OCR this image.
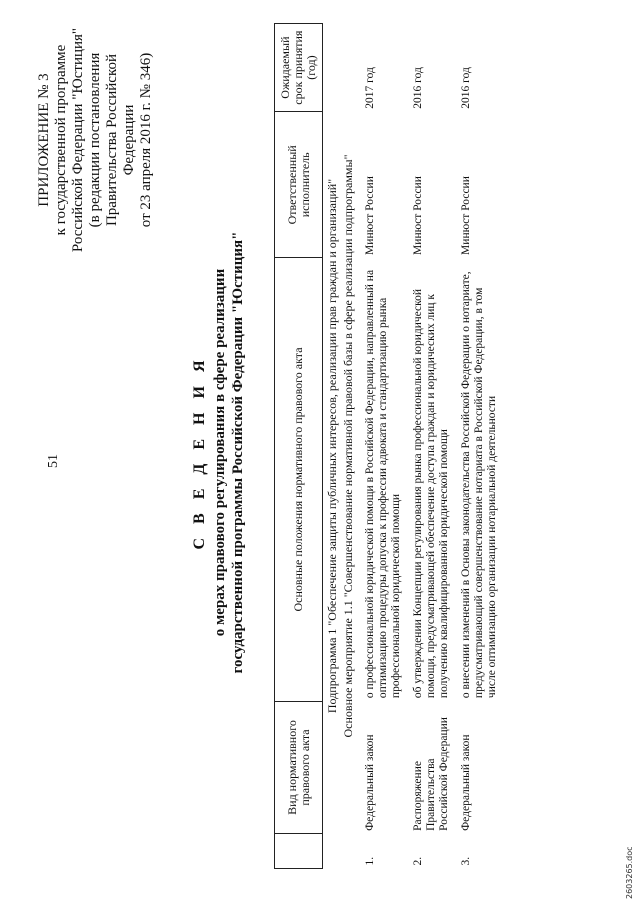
51
ПРИЛОЖЕНИЕ № 3 к государственной программе Российской Федерации "Юстиция" (в редакции постановления Правительства Российской Федерации от 23 апреля 2016 г. № 346)
С В Е Д Е Н И Я о мерах правового регулирования в сфере реализации государственной программы Российской Федерации "Юстиция"
	Вид нормативного правового акта	Основные положения нормативного правового акта	Ответственный исполнитель	Ожидаемый срок принятия (год)
Подпрограмма 1 "Обеспечение защиты публичных интересов, реализации прав граждан и организаций"				
Основное мероприятие 1.1 "Совершенствование нормативной правовой базы в сфере реализации подпрограммы"				
1.	Федеральный закон	о профессиональной юридической помощи в Российской Федерации, направленный на оптимизацию процедуры допуска к профессии адвоката и стандартизацию рынка профессиональной юридической помощи	Минюст России	2017 год
2.	Распоряжение Правительства Российской Федерации	об утверждении Концепции регулирования рынка профессиональной юридической помощи, предусматривающей обеспечение доступа граждан и юридических лиц к получению квалифицированной юридической помощи	Минюст России	2016 год
3.	Федеральный закон	о внесении изменений в Основы законодательства Российской Федерации о нотариате, предусматривающий совершенствование нотариата в Российской Федерации, в том числе оптимизацию организации нотариальной деятельности	Минюст России	2016 год
2603265.doc
